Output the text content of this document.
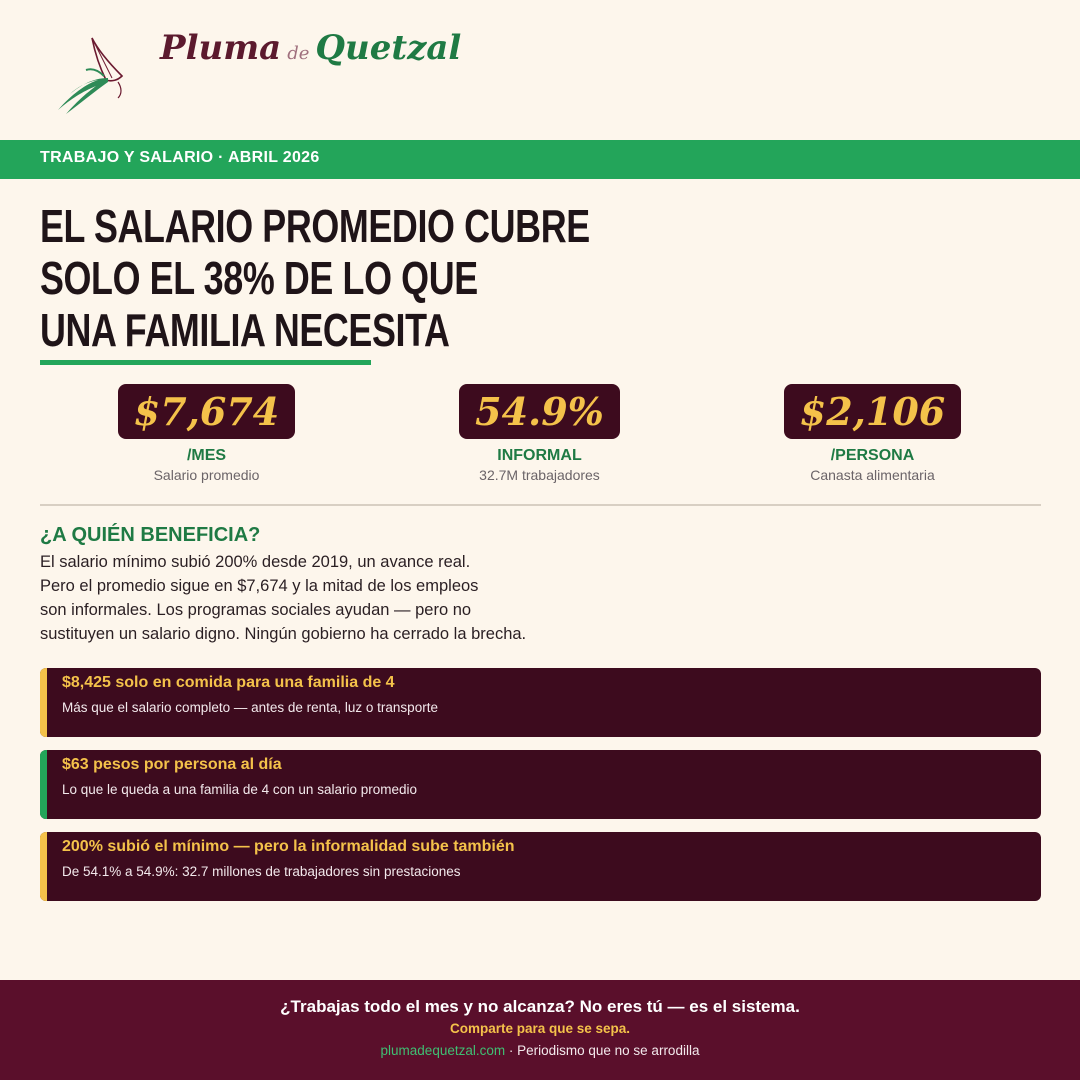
Pluma de Quetzal
TRABAJO Y SALARIO · ABRIL 2026
EL SALARIO PROMEDIO CUBRE
SOLO EL 38% DE LO QUE
UNA FAMILIA NECESITA
$7,674
/MES
Salario promedio
54.9%
INFORMAL
32.7M trabajadores
$2,106
/PERSONA
Canasta alimentaria
¿A QUIÉN BENEFICIA?
El salario mínimo subió 200% desde 2019, un avance real.
Pero el promedio sigue en $7,674 y la mitad de los empleos
son informales. Los programas sociales ayudan — pero no
sustituyen un salario digno. Ningún gobierno ha cerrado la brecha.
$8,425 solo en comida para una familia de 4
Más que el salario completo — antes de renta, luz o transporte
$63 pesos por persona al día
Lo que le queda a una familia de 4 con un salario promedio
200% subió el mínimo — pero la informalidad sube también
De 54.1% a 54.9%: 32.7 millones de trabajadores sin prestaciones
¿Trabajas todo el mes y no alcanza? No eres tú — es el sistema.
Comparte para que se sepa.
plumadequetzal.com · Periodismo que no se arrodilla
